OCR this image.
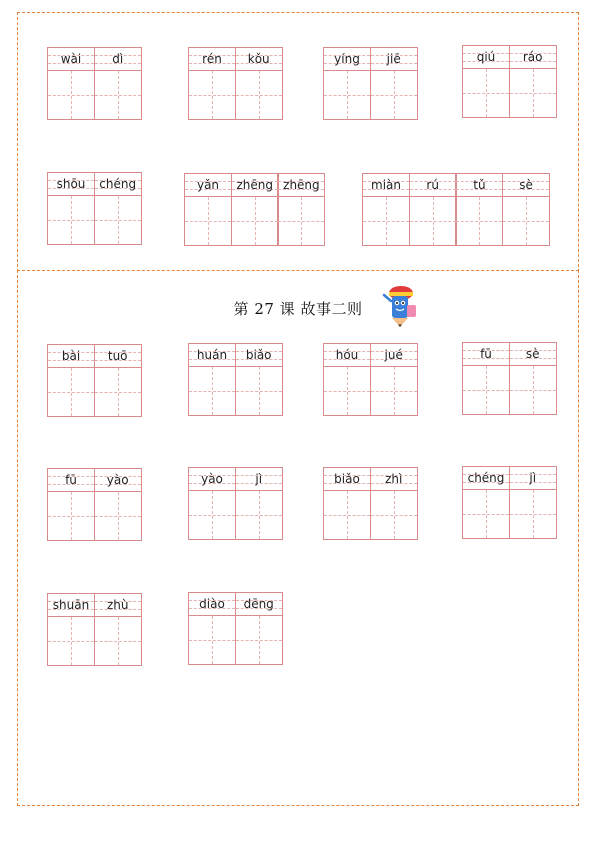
第 27 课 故事二则
wài	dì	rén kǒu	yíng jiē	qiú ráo
shōu chéng	yǎn zhēng zhēng	miàn rú	tǔ	sè
bài tuō	huán biǎo	hóu jué	fū	sè
fū yào	yào	jì	biǎo zhì	chéng jì
shuān zhù	diào dēng
